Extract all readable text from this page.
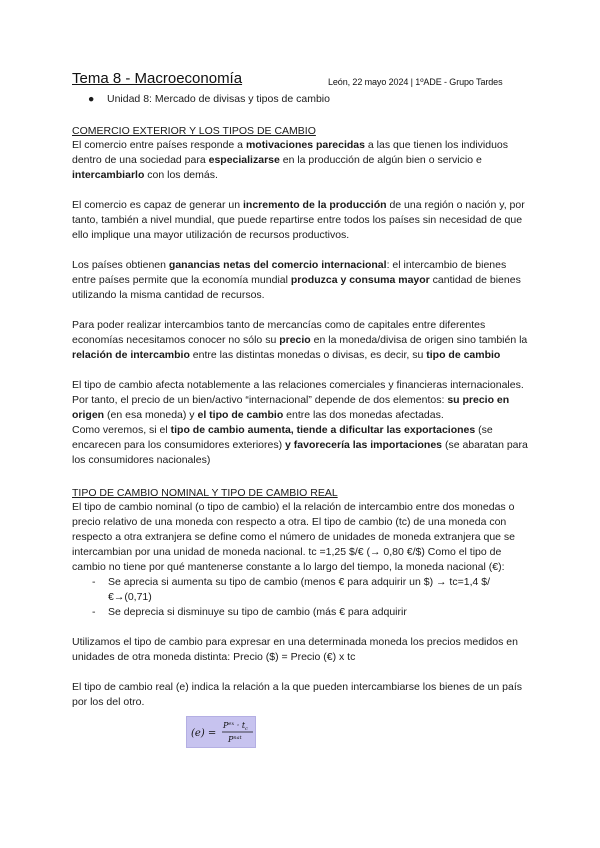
Tema 8 - Macroeconomía	León, 22 mayo 2024 | 1ºADE - Grupo Tardes
● Unidad 8: Mercado de divisas y tipos de cambio
COMERCIO EXTERIOR Y LOS TIPOS DE CAMBIO

El comercio entre países responde a motivaciones parecidas a las que tienen los individuos dentro de una sociedad para especializarse en la producción de algún bien o servicio e intercambiarlo con los demás.

El comercio es capaz de generar un incremento de la producción de una región o nación y, por tanto, también a nivel mundial, que puede repartirse entre todos los países sin necesidad de que ello implique una mayor utilización de recursos productivos.

Los países obtienen ganancias netas del comercio internacional: el intercambio de bienes entre países permite que la economía mundial produzca y consuma mayor cantidad de bienes utilizando la misma cantidad de recursos.

Para poder realizar intercambios tanto de mercancías como de capitales entre diferentes economías necesitamos conocer no sólo su precio en la moneda/divisa de origen sino también la relación de intercambio entre las distintas monedas o divisas, es decir, su tipo de cambio

El tipo de cambio afecta notablemente a las relaciones comerciales y financieras internacionales. Por tanto, el precio de un bien/activo “internacional” depende de dos elementos: su precio en origen (en esa moneda) y el tipo de cambio entre las dos monedas afectadas.

Como veremos, si el tipo de cambio aumenta, tiende a dificultar las exportaciones (se encarecen para los consumidores exteriores) y favorecería las importaciones (se abaratan para los consumidores nacionales)

TIPO DE CAMBIO NOMINAL Y TIPO DE CAMBIO REAL

El tipo de cambio nominal (o tipo de cambio) el la relación de intercambio entre dos monedas o precio relativo de una moneda con respecto a otra. El tipo de cambio (tc) de una moneda con respecto a otra extranjera se define como el número de unidades de moneda extranjera que se intercambian por una unidad de moneda nacional. tc =1,25 $/€ (→ 0,80 €/$) Como el tipo de cambio no tiene por qué mantenerse constante a lo largo del tiempo, la moneda nacional (€):

- Se aprecia si aumenta su tipo de cambio (menos € para adquirir un $) → tc=1,4 $/€→(0,71)
- Se deprecia si disminuye su tipo de cambio (más € para adquirir

Utilizamos el tipo de cambio para expresar en una determinada moneda los precios medidos en unidades de otra moneda distinta: Precio ($) = Precio (€) x tc

El tipo de cambio real (e) indica la relación a la que pueden intercambiarse los bienes de un país por los del otro.

(e) =
$P^{ex} \cdot t_c$
$P^{nat}$
